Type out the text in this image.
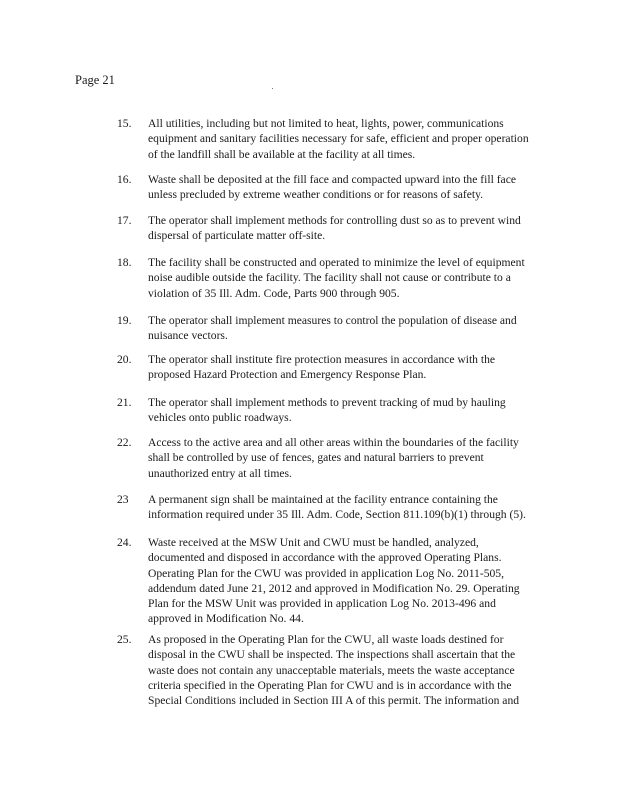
Page 21
15.	All utilities, including but not limited to heat, lights, power, communications
equipment and sanitary facilities necessary for safe, efficient and proper operation
of the landfill shall be available at the facility at all times.
16.	Waste shall be deposited at the fill face and compacted upward into the fill face
unless precluded by extreme weather conditions or for reasons of safety.
17.	The operator shall implement methods for controlling dust so as to prevent wind
dispersal of particulate matter off-site.
18.	The facility shall be constructed and operated to minimize the level of equipment
noise audible outside the facility. The facility shall not cause or contribute to a
violation of 35 Ill. Adm. Code, Parts 900 through 905.
19.	The operator shall implement measures to control the population of disease and
nuisance vectors.
20.	The operator shall institute fire protection measures in accordance with the
proposed Hazard Protection and Emergency Response Plan.
21.	The operator shall implement methods to prevent tracking of mud by hauling
vehicles onto public roadways.
22.	Access to the active area and all other areas within the boundaries of the facility
shall be controlled by use of fences, gates and natural barriers to prevent
unauthorized entry at all times.
23	A permanent sign shall be maintained at the facility entrance containing the
information required under 35 Ill. Adm. Code, Section 811.109(b)(1) through (5).
24.	Waste received at the MSW Unit and CWU must be handled, analyzed,
documented and disposed in accordance with the approved Operating Plans.
Operating Plan for the CWU was provided in application Log No. 2011-505,
addendum dated June 21, 2012 and approved in Modification No. 29. Operating
Plan for the MSW Unit was provided in application Log No. 2013-496 and
approved in Modification No. 44.
25.	As proposed in the Operating Plan for the CWU, all waste loads destined for
disposal in the CWU shall be inspected. The inspections shall ascertain that the
waste does not contain any unacceptable materials, meets the waste acceptance
criteria specified in the Operating Plan for CWU and is in accordance with the
Special Conditions included in Section III A of this permit. The information and
